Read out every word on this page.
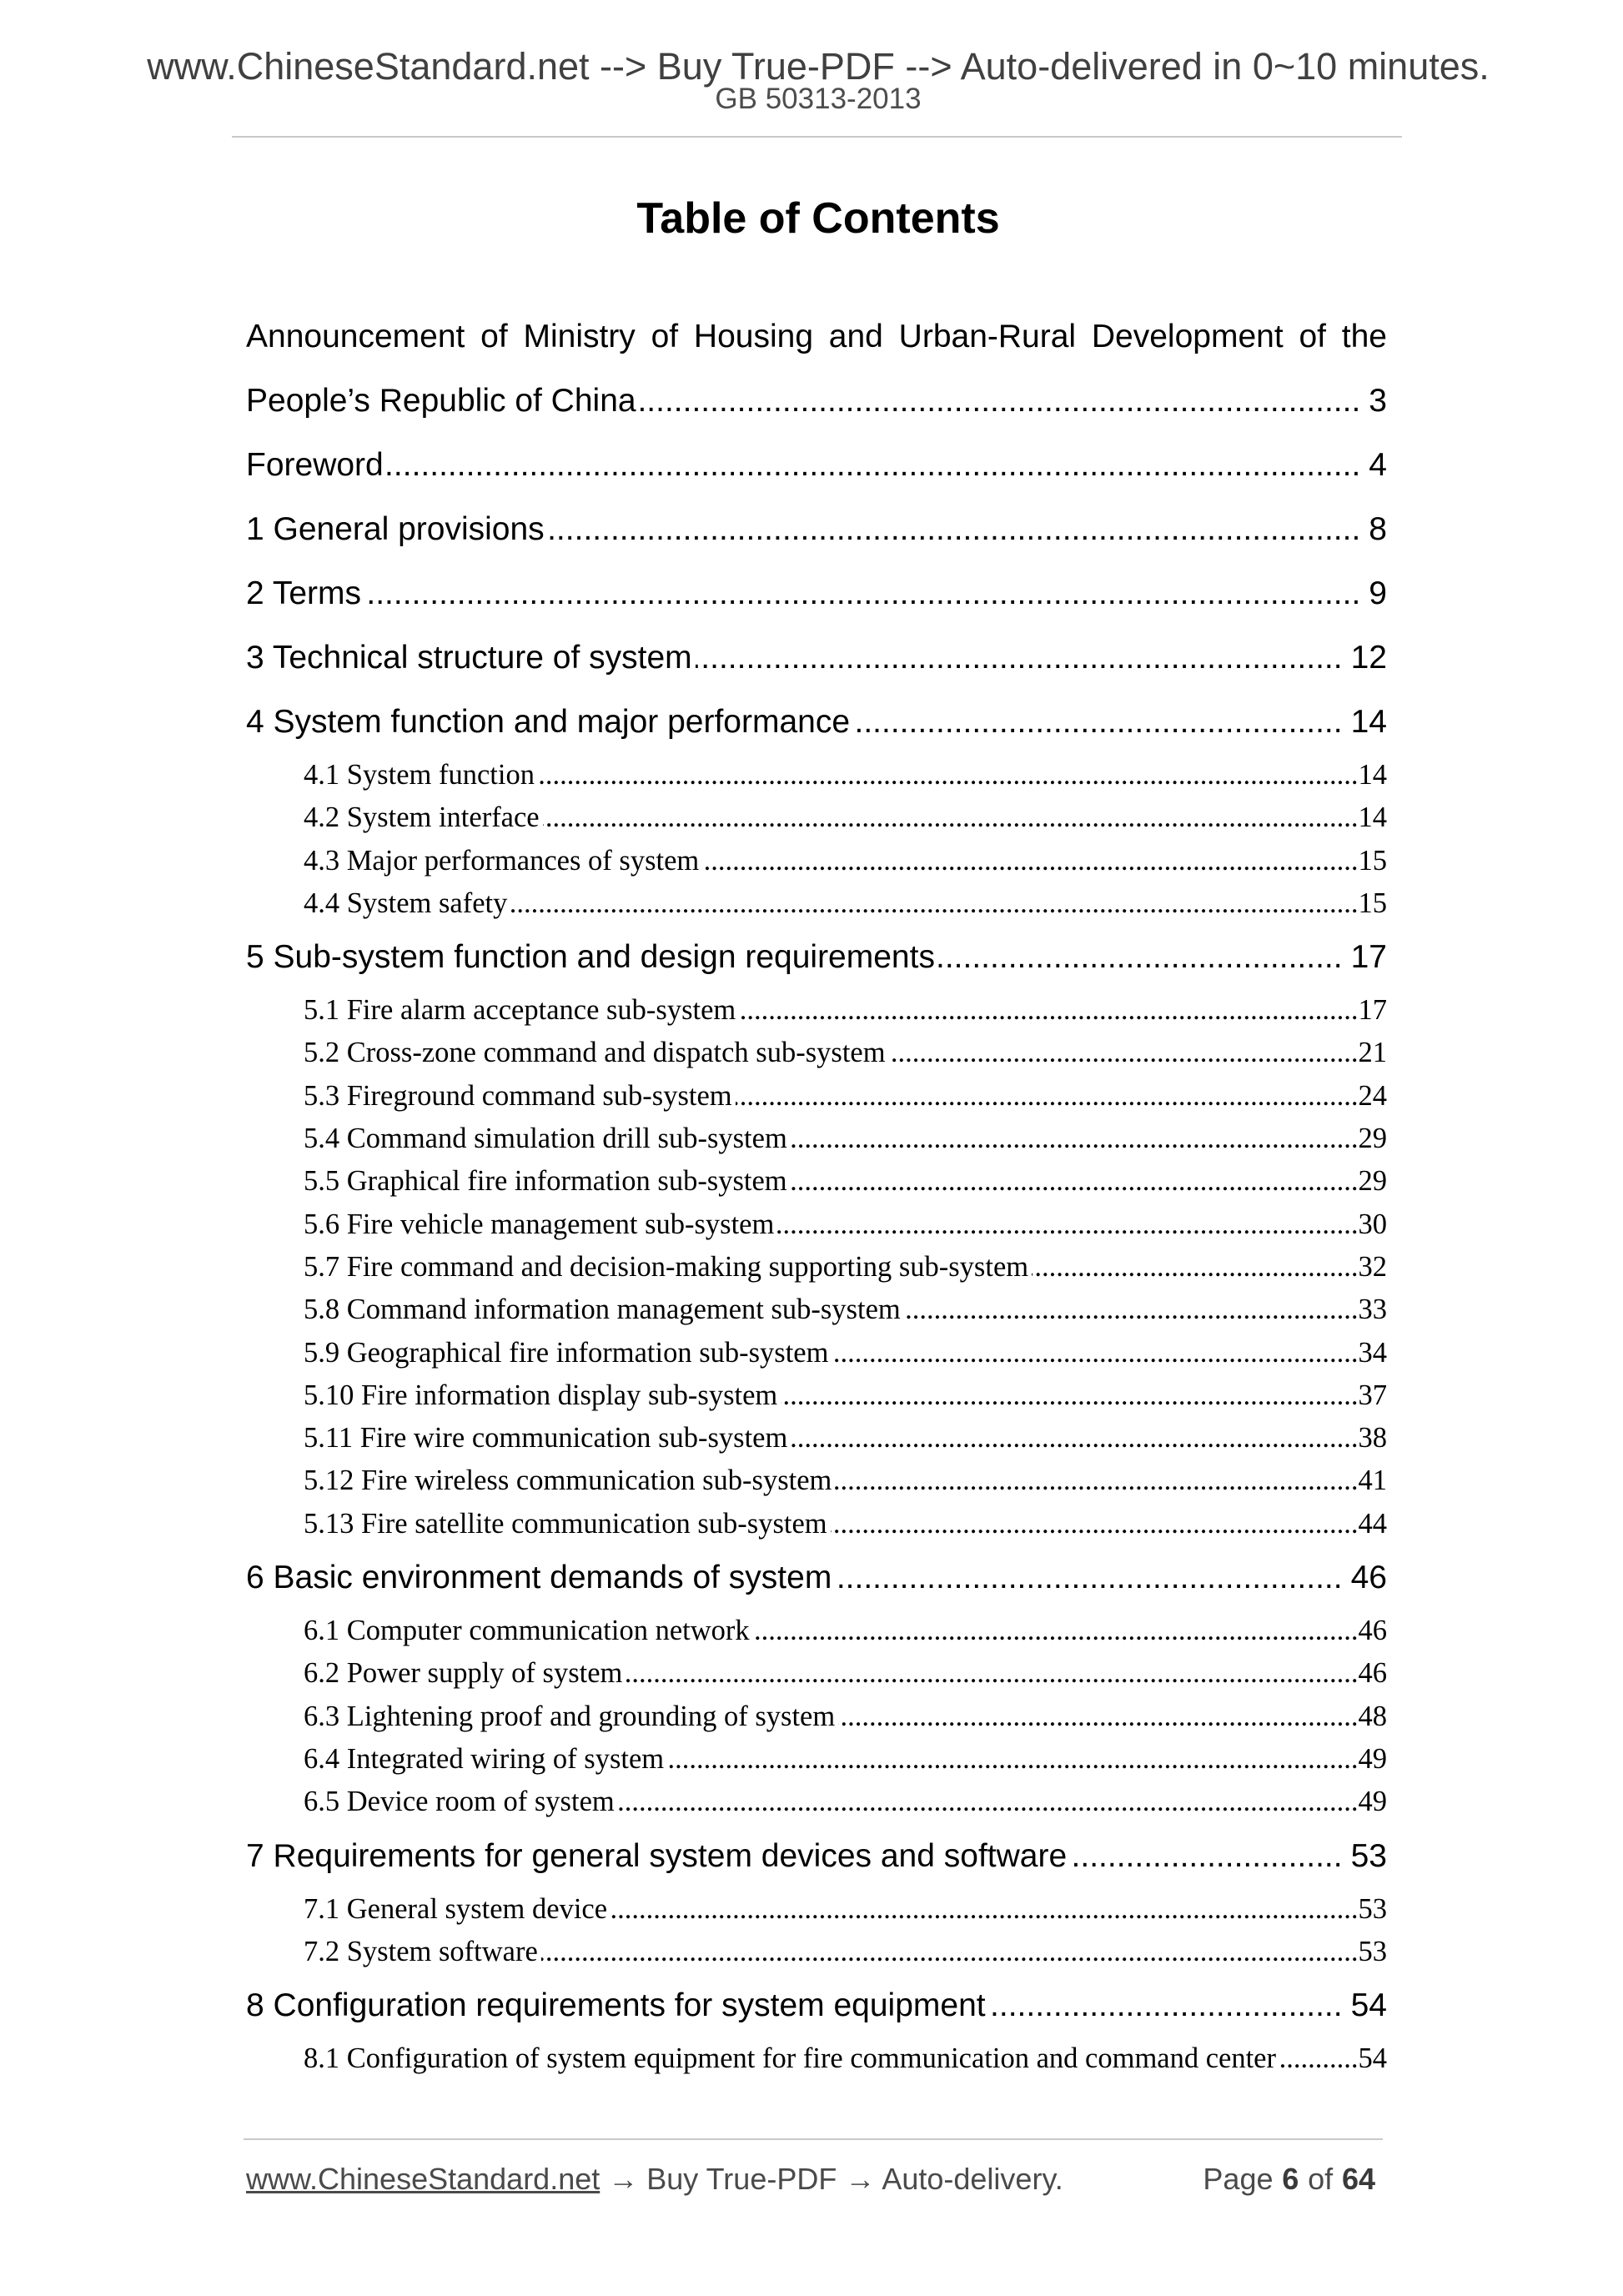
www.ChineseStandard.net --> Buy True-PDF --> Auto-delivered in 0~10 minutes.
GB 50313-2013
Table of Contents
Announcement of Ministry of Housing and Urban-Rural Development of the
People’s Republic of China .....	3
Foreword .....	4
1 General provisions .....	8
2 Terms .....	9
3 Technical structure of system .....	12
4 System function and major performance .....	14
4.1 System function .....	14
4.2 System interface .....	14
4.3 Major performances of system .....	15
4.4 System safety .....	15
5 Sub-system function and design requirements .....	17
5.1 Fire alarm acceptance sub-system .....	17
5.2 Cross-zone command and dispatch sub-system .....	21
5.3 Fireground command sub-system .....	24
5.4 Command simulation drill sub-system .....	29
5.5 Graphical fire information sub-system .....	29
5.6 Fire vehicle management sub-system .....	30
5.7 Fire command and decision-making supporting sub-system .....	32
5.8 Command information management sub-system .....	33
5.9 Geographical fire information sub-system .....	34
5.10 Fire information display sub-system .....	37
5.11 Fire wire communication sub-system .....	38
5.12 Fire wireless communication sub-system .....	41
5.13 Fire satellite communication sub-system .....	44
6 Basic environment demands of system .....	46
6.1 Computer communication network .....	46
6.2 Power supply of system .....	46
6.3 Lightening proof and grounding of system .....	48
6.4 Integrated wiring of system .....	49
6.5 Device room of system .....	49
7 Requirements for general system devices and software .....	53
7.1 General system device .....	53
7.2 System software .....	53
8 Configuration requirements for system equipment .....	54
8.1 Configuration of system equipment for fire communication and command center .....	54
www.ChineseStandard.net → Buy True-PDF → Auto-delivery.	Page 6 of 64
